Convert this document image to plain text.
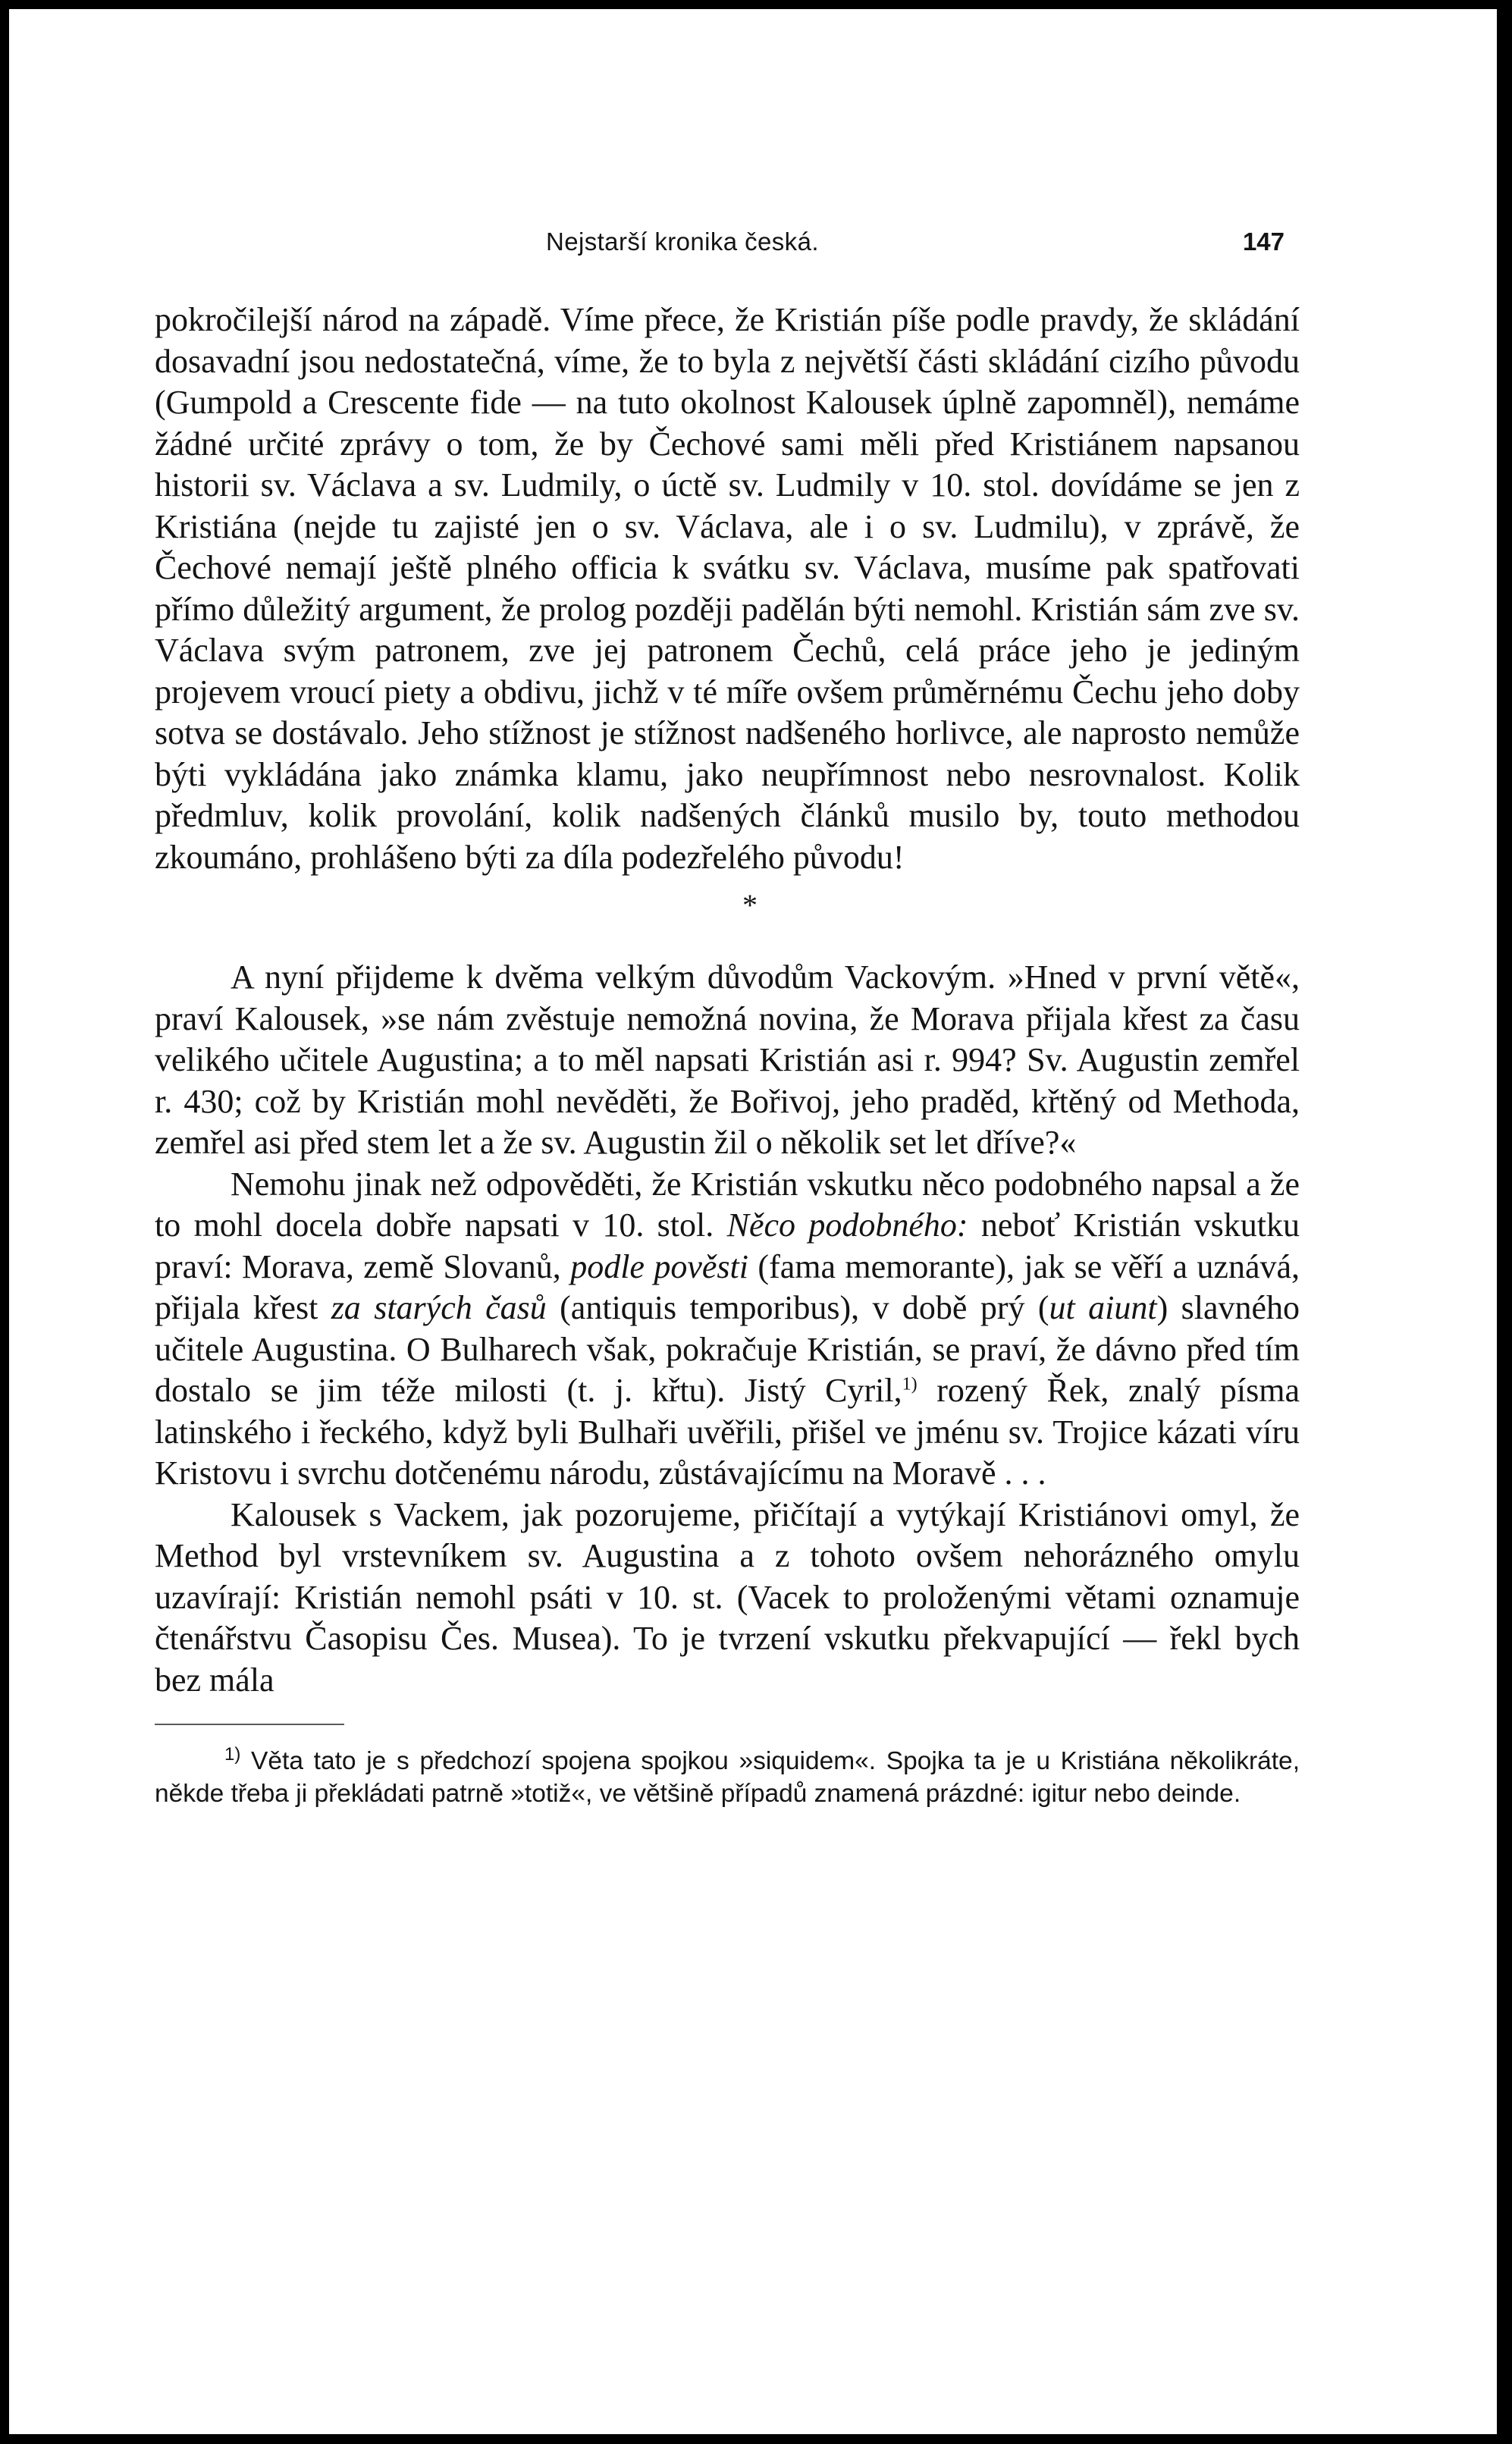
Nejstarší kronika česká.	147

pokročilejší národ na západě. Víme přece, že Kristián píše podle pravdy, že skládání dosavadní jsou nedostatečná, víme, že to byla z největší části skládání cizího původu (Gumpold a Crescente fide — na tuto okolnost Kalousek úplně zapomněl), nemáme žádné určité zprávy o tom, že by Čechové sami měli před Kristiánem napsanou historii sv. Václava a sv. Ludmily, o úctě sv. Ludmily v 10. stol. dovídáme se jen z Kristiána (nejde tu zajisté jen o sv. Václava, ale i o sv. Ludmilu), v zprávě, že Čechové nemají ještě plného officia k svátku sv. Václava, musíme pak spatřovati přímo důležitý argument, že prolog později padělán býti nemohl. Kristián sám zve sv. Václava svým patronem, zve jej patronem Čechů, celá práce jeho je jediným projevem vroucí piety a obdivu, jichž v té míře ovšem průměrnému Čechu jeho doby sotva se dostávalo. Jeho stížnost je stížnost nadšeného horlivce, ale naprosto nemůže býti vykládána jako známka klamu, jako neupřímnost nebo nesrovnalost. Kolik předmluv, kolik provolání, kolik nadšených článků musilo by, touto methodou zkoumáno, prohlášeno býti za díla podezřelého původu!

*

A nyní přijdeme k dvěma velkým důvodům Vackovým. »Hned v první větě«, praví Kalousek, »se nám zvěstuje nemožná novina, že Morava přijala křest za času velikého učitele Augustina; a to měl napsati Kristián asi r. 994? Sv. Augustin zemřel r. 430; což by Kristián mohl nevěděti, že Bořivoj, jeho praděd, křtěný od Methoda, zemřel asi před stem let a že sv. Augustin žil o několik set let dříve?«

Nemohu jinak než odpověděti, že Kristián vskutku něco podobného napsal a že to mohl docela dobře napsati v 10. stol. Něco podobného: neboť Kristián vskutku praví: Morava, země Slovanů, podle pověsti (fama memorante), jak se věří a uznává, přijala křest za starých časů (antiquis temporibus), v době prý (ut aiunt) slavného učitele Augustina. O Bulharech však, pokračuje Kristián, se praví, že dávno před tím dostalo se jim téže milosti (t. j. křtu). Jistý Cyril,$^{1)}$ rozený Řek, znalý písma latinského i řeckého, když byli Bulhaři uvěřili, přišel ve jménu sv. Trojice kázati víru Kristovu i svrchu dotčenému národu, zůstávajícímu na Moravě . . .

Kalousek s Vackem, jak pozorujeme, přičítají a vytýkají Kristiánovi omyl, že Method byl vrstevníkem sv. Augustina a z tohoto ovšem nehorázného omylu uzavírají: Kristián nemohl psáti v 10. st. (Vacek to proloženými větami oznamuje čtenářstvu Časopisu Čes. Musea). To je tvrzení vskutku překvapující — řekl bych bez mála

$^{1)}$ Věta tato je s předchozí spojena spojkou »siquidem«. Spojka ta je u Kristiána několikráte, někde třeba ji překládati patrně »totiž«, ve většině případů znamená prázdné: igitur nebo deinde.
